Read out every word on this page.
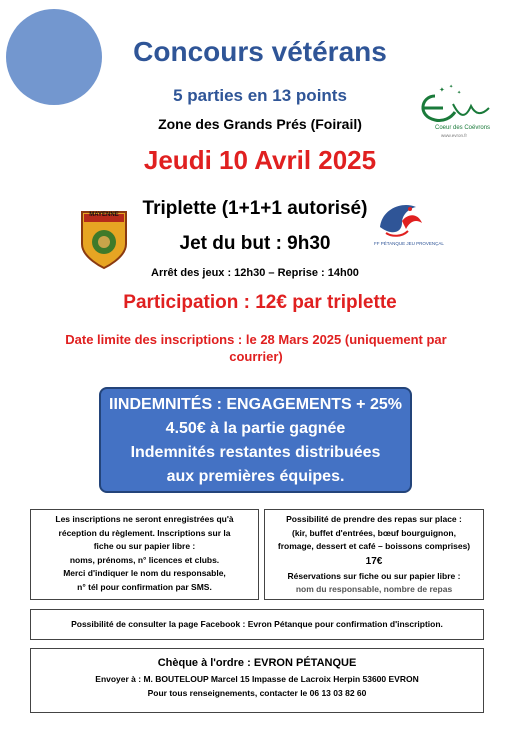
Concours vétérans
5 parties en 13 points
Zone des Grands Prés (Foirail)
Jeudi 10 Avril 2025
✦ ✦
✦
Coeur des Coëvrons
www.evron.fr
MAYENNE
FF PÉTANQUE JEU PROVENÇAL
Triplette (1+1+1 autorisé)
Jet du but : 9h30
Arrêt des jeux : 12h30 – Reprise : 14h00
Participation : 12€ par triplette
Date limite des inscriptions : le 28 Mars 2025 (uniquement par
courrier)
IINDEMNITÉS : ENGAGEMENTS + 25%
4.50€ à la partie gagnée
Indemnités restantes distribuées
aux premières équipes.
Les inscriptions ne seront enregistrées qu'à
réception du règlement. Inscriptions sur la
fiche ou sur papier libre :
noms, prénoms, n° licences et clubs.
Merci d'indiquer le nom du responsable,
n° tél pour confirmation par SMS.
Possibilité de prendre des repas sur place :
(kir, buffet d'entrées, bœuf bourguignon,
fromage, dessert et café – boissons comprises)
17€
Réservations sur fiche ou sur papier libre :
nom du responsable, nombre de repas
Possibilité de consulter la page Facebook : Evron Pétanque pour confirmation d'inscription.
Chèque à l'ordre : EVRON PÉTANQUE
Envoyer à : M. BOUTELOUP Marcel 15 Impasse de Lacroix Herpin 53600 EVRON
Pour tous renseignements, contacter le 06 13 03 82 60
